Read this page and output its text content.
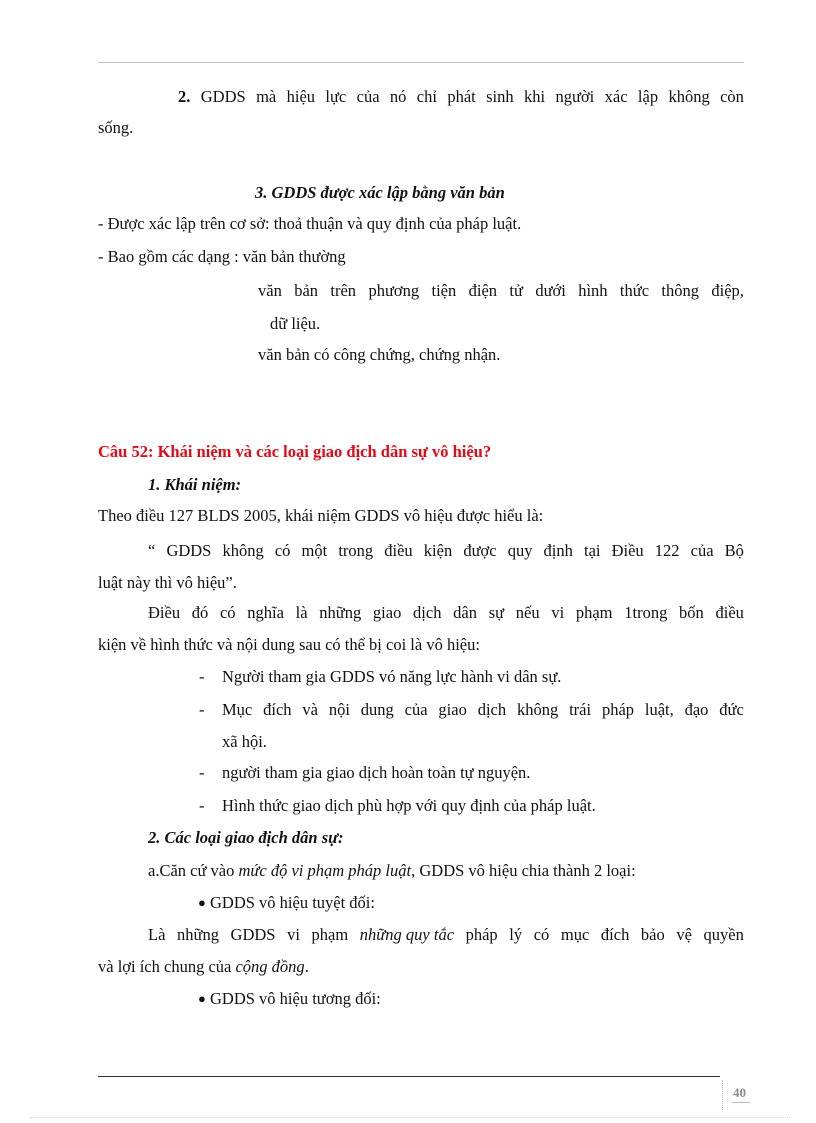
2. GDDS mà hiệu lực của nó chỉ phát sinh khi người xác lập không còn
sống.
3. GDDS được xác lập bằng văn bản
- Được xác lập trên cơ sở: thoả thuận và quy định của pháp luật.
- Bao gồm các dạng : văn bản thường
văn bản trên phương tiện điện tử dưới hình thức thông điệp,
dữ liệu.
văn bản có công chứng, chứng nhận.
Câu 52: Khái niệm và các loại giao địch dân sự vô hiệu?
1. Khái niệm:
Theo điều 127 BLDS 2005, khái niệm GDDS vô hiệu được hiểu là:
“ GDDS không có một trong điều kiện được quy định tại Điều 122 của Bộ
luật này thì vô hiệu”.
Điều đó có nghĩa là những giao dịch dân sự nếu vi phạm 1trong bốn điều
kiện về hình thức và nội dung sau có thể bị coi là vô hiệu:
- Người tham gia GDDS vó năng lực hành vi dân sự.
- Mục đích và nội dung của giao dịch không trái pháp luật, đạo đức
xã hội.
- người tham gia giao dịch hoàn toàn tự nguyện.
- Hình thức giao dịch phù hợp với quy định của pháp luật.
2. Các loại giao địch dân sự:
a.Căn cứ vào mức độ vi phạm pháp luật, GDDS vô hiệu chia thành 2 loại:
● GDDS vô hiệu tuyệt đối:
Là những GDDS vi phạm những quy tắc pháp lý có mục đích bảo vệ quyền
và lợi ích chung của cộng đồng.
● GDDS vô hiệu tương đối:
40
